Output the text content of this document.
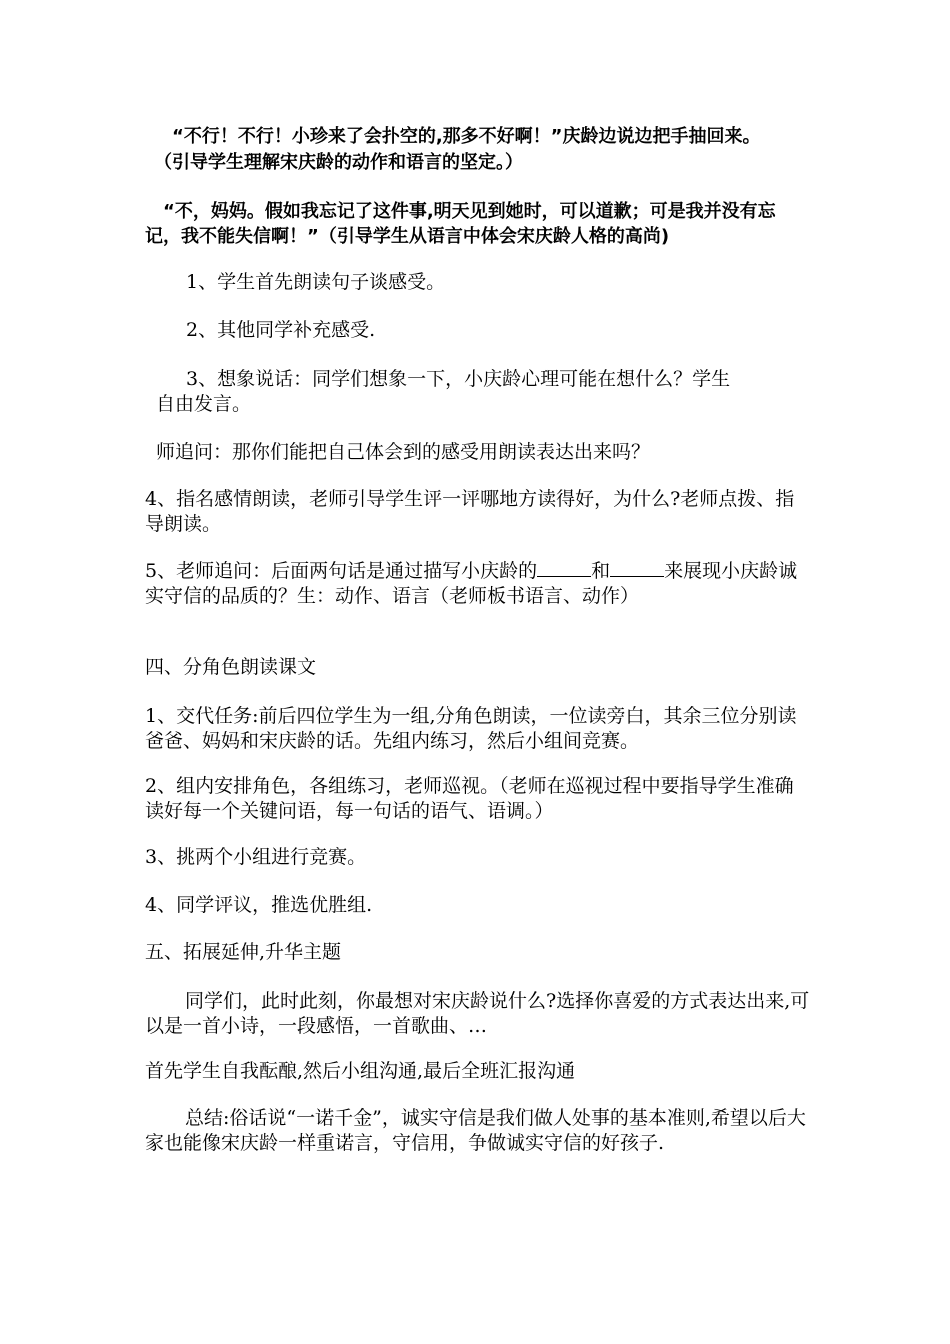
“不行！不行！小珍来了会扑空的,那多不好啊！”庆龄边说边把手抽回来。

（引导学生理解宋庆龄的动作和语言的坚定。）

“不，妈妈。假如我忘记了这件事,明天见到她时，可以道歉；可是我并没有忘记，我不能失信啊！”（引导学生从语言中体会宋庆龄人格的高尚)

1、学生首先朗读句子谈感受。

2、其他同学补充感受.

3、想象说话：同学们想象一下，小庆龄心理可能在想什么？学生

自由发言。

师追问：那你们能把自己体会到的感受用朗读表达出来吗？

4、指名感情朗读，老师引导学生评一评哪地方读得好，为什么?老师点拨、指导朗读。

5、老师追问：后面两句话是通过描写小庆龄的	和	来展现小庆龄诚实守信的品质的？生：动作、语言（老师板书语言、动作）

四、分角色朗读课文

1、交代任务:前后四位学生为一组,分角色朗读，一位读旁白，其余三位分别读爸爸、妈妈和宋庆龄的话。先组内练习，然后小组间竞赛。

2、组内安排角色，各组练习，老师巡视。（老师在巡视过程中要指导学生准确读好每一个关键问语，每一句话的语气、语调。）

3、挑两个小组进行竞赛。

4、同学评议，推选优胜组.

五、拓展延伸,升华主题

同学们，此时此刻，你最想对宋庆龄说什么?选择你喜爱的方式表达出来,可以是一首小诗，一段感悟，一首歌曲、…

首先学生自我酝酿,然后小组沟通,最后全班汇报沟通

总结:俗话说“一诺千金”，诚实守信是我们做人处事的基本准则,希望以后大家也能像宋庆龄一样重诺言，守信用，争做诚实守信的好孩子.
